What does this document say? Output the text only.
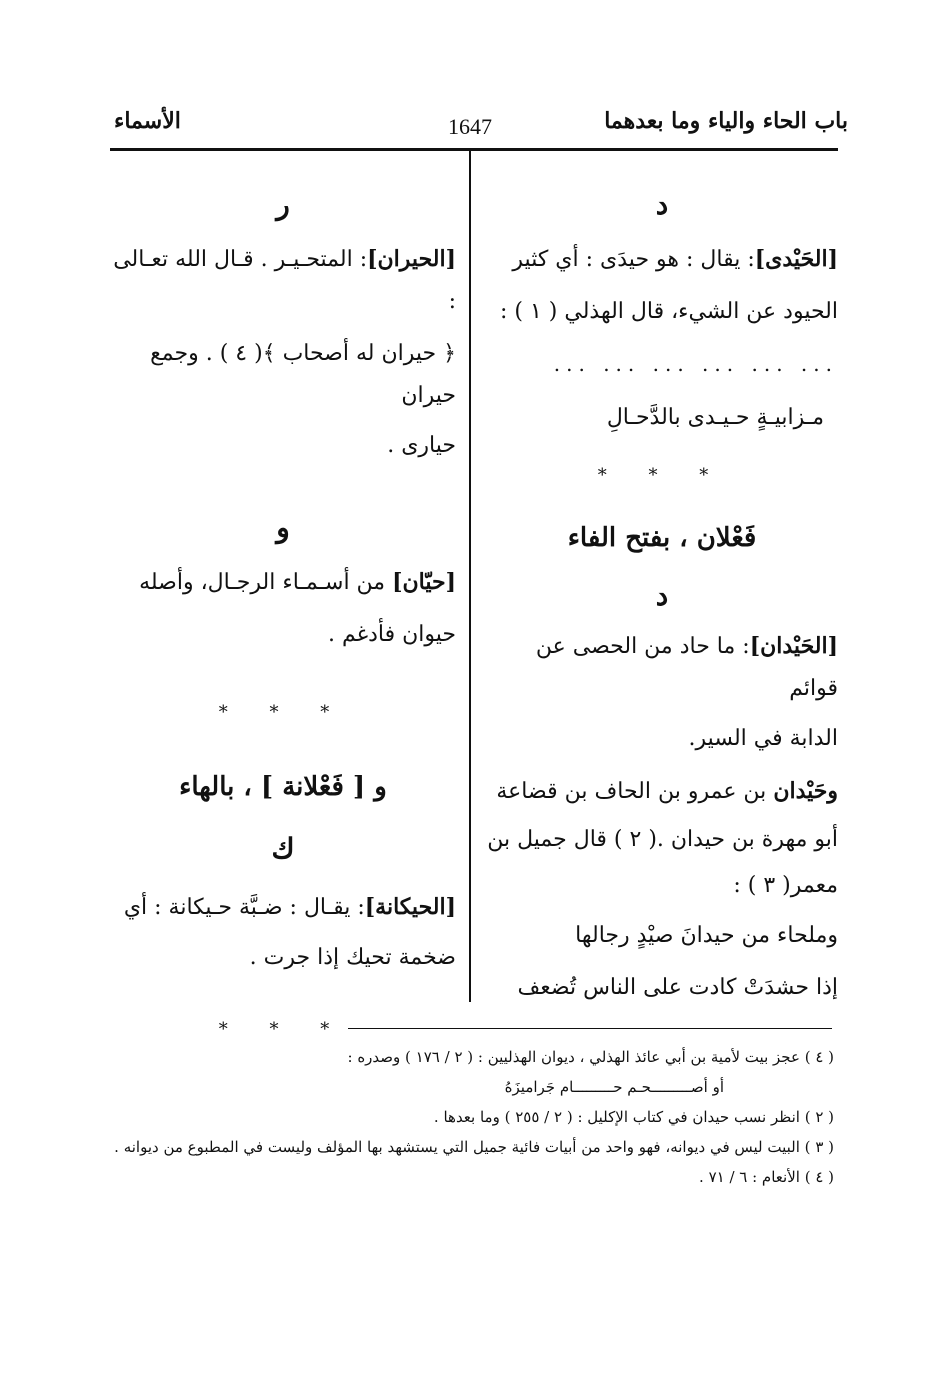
باب الحاء والياء وما بعدهما
1647
الأسماء
د
[الحَيْدى]: يقال : هو حيدَى : أي كثير
الحيود عن الشيء، قال الهذلي ( ١ ) :
... ... ... ... ... ...
مـزابيـةٍ حـيـدى بالدَّحـالِ
* * *
فَعْلان ، بفتح الفاء
د
[الحَيْدان]: ما حاد من الحصى عن قوائم
الدابة في السير.
وحَيْدان بن عمرو بن الحاف بن قضاعة
أبو مهرة بن حيدان .( ٢ ) قال جميل بن
معمر( ٣ ) :
وملحاء من حيدانَ صيْدٍ رجالها
إذا حشدَتْ كادت على الناس تُضعف
ر
[الحيران]: المتحـيـر . قـال الله تعـالى :
﴿ حيران له أصحاب ﴾( ٤ ) . وجمع حيران
حيارى .
و
[حيّان] من أسـمـاء الرجـال، وأصله
حيوان فأدغم .
* * *
و [ فَعْلانة ] ، بالهاء
ك
[الحيكانة]: يقـال : ضـبَّة حـيكانة : أي
ضخمة تحيك إذا جرت .
* * *
( ٤ ) عجز بيت لأمية بن أبي عائذ الهذلي ، ديوان الهذليين : ( ٢ / ١٧٦ ) وصدره :
أو أصـــــــــحـم حـــــــــام جَراميزَهُ
( ٢ ) انظر نسب حيدان في كتاب الإكليل : ( ٢ / ٢٥٥ ) وما بعدها .
( ٣ ) البيت ليس في ديوانه، فهو واحد من أبيات فائية جميل التي يستشهد بها المؤلف وليست في المطبوع من ديوانه .
( ٤ ) الأنعام : ٦ / ٧١ .
